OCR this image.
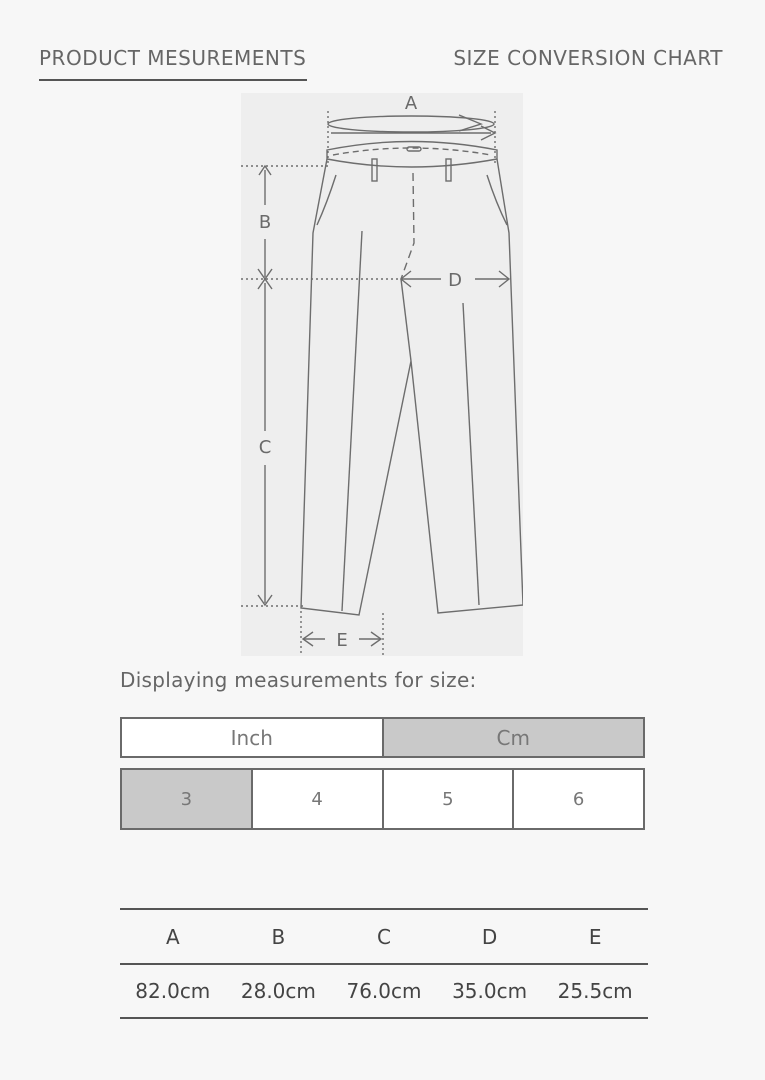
PRODUCT MESUREMENTS	SIZE CONVERSION CHART
A
B
C
D
E
Displaying measurements for size:
Inch	Cm
3	4	5	6
A	B	C	D	E
82.0cm	28.0cm	76.0cm	35.0cm	25.5cm
